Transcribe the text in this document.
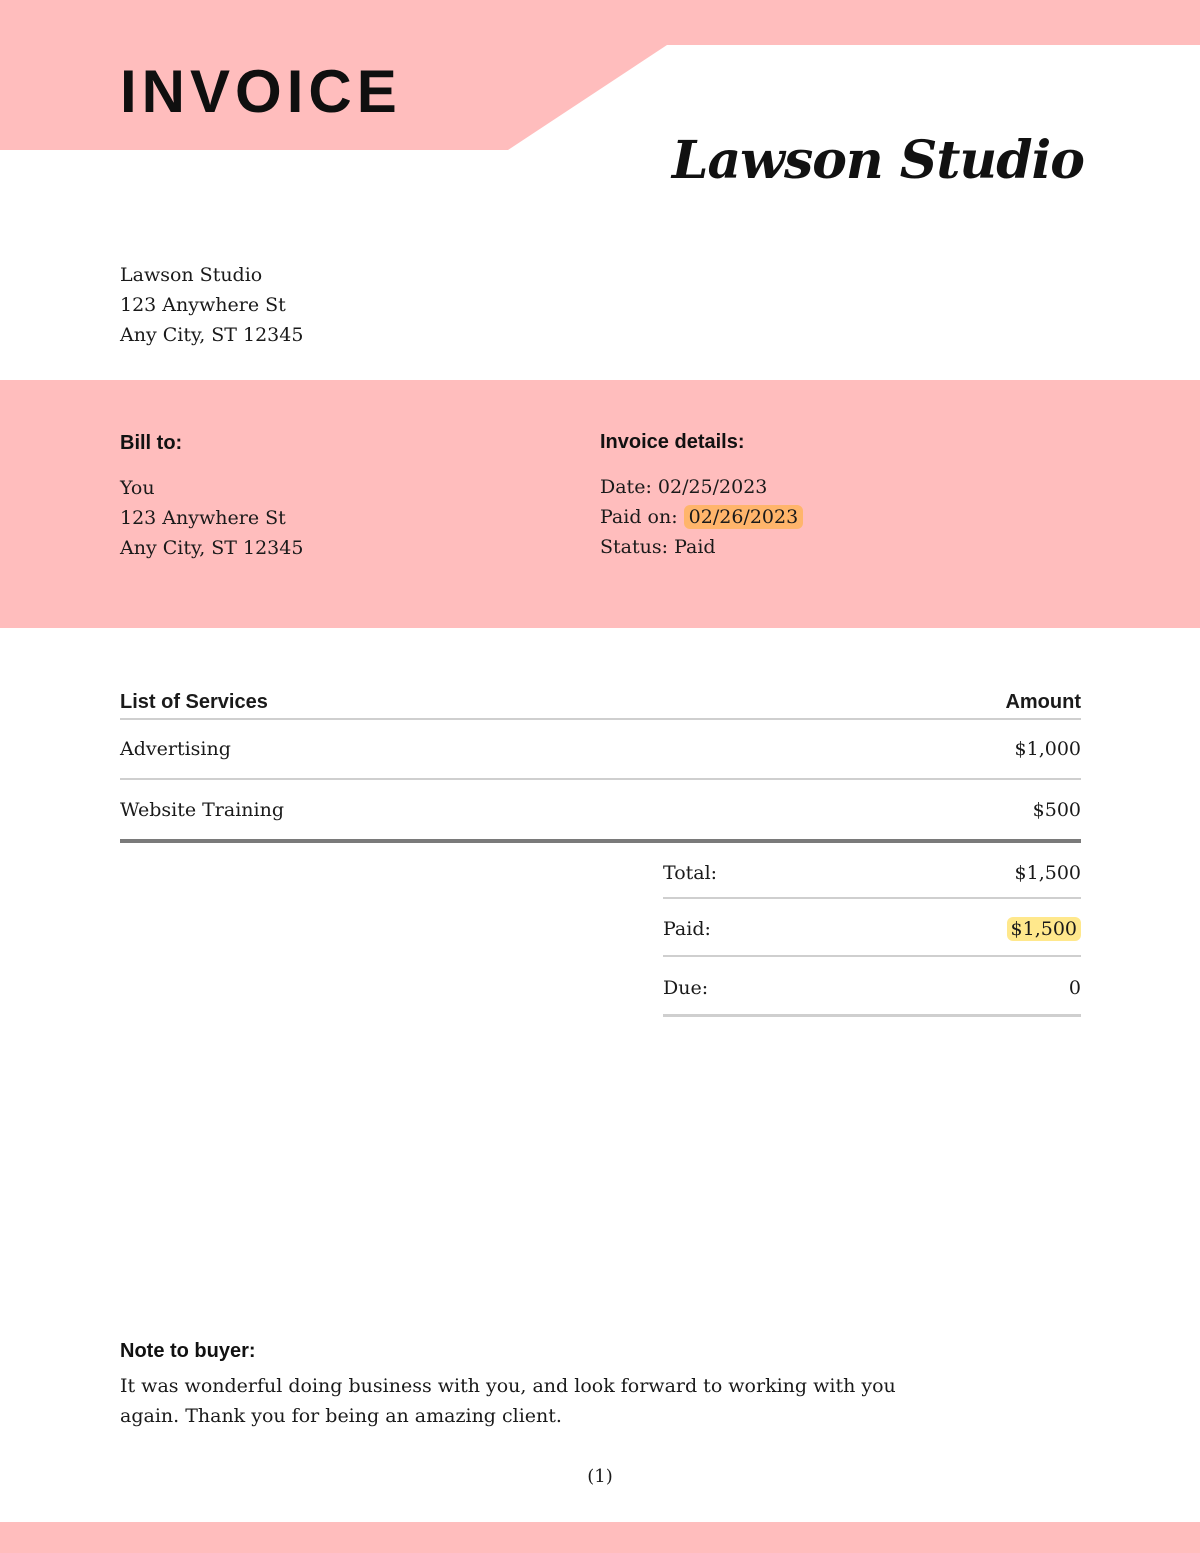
INVOICE
Lawson Studio
Lawson Studio
123 Anywhere St
Any City, ST 12345
Bill to:
You
123 Anywhere St
Any City, ST 12345
Invoice details:
Date: 02/25/2023
Paid on: 02/26/2023
Status: Paid
List of Services	Amount
Advertising	$1,000
Website Training	$500
Total:	$1,500
Paid:	$1,500
Due:	0
Note to buyer:
It was wonderful doing business with you, and look forward to working with you again. Thank you for being an amazing client.
(1)
